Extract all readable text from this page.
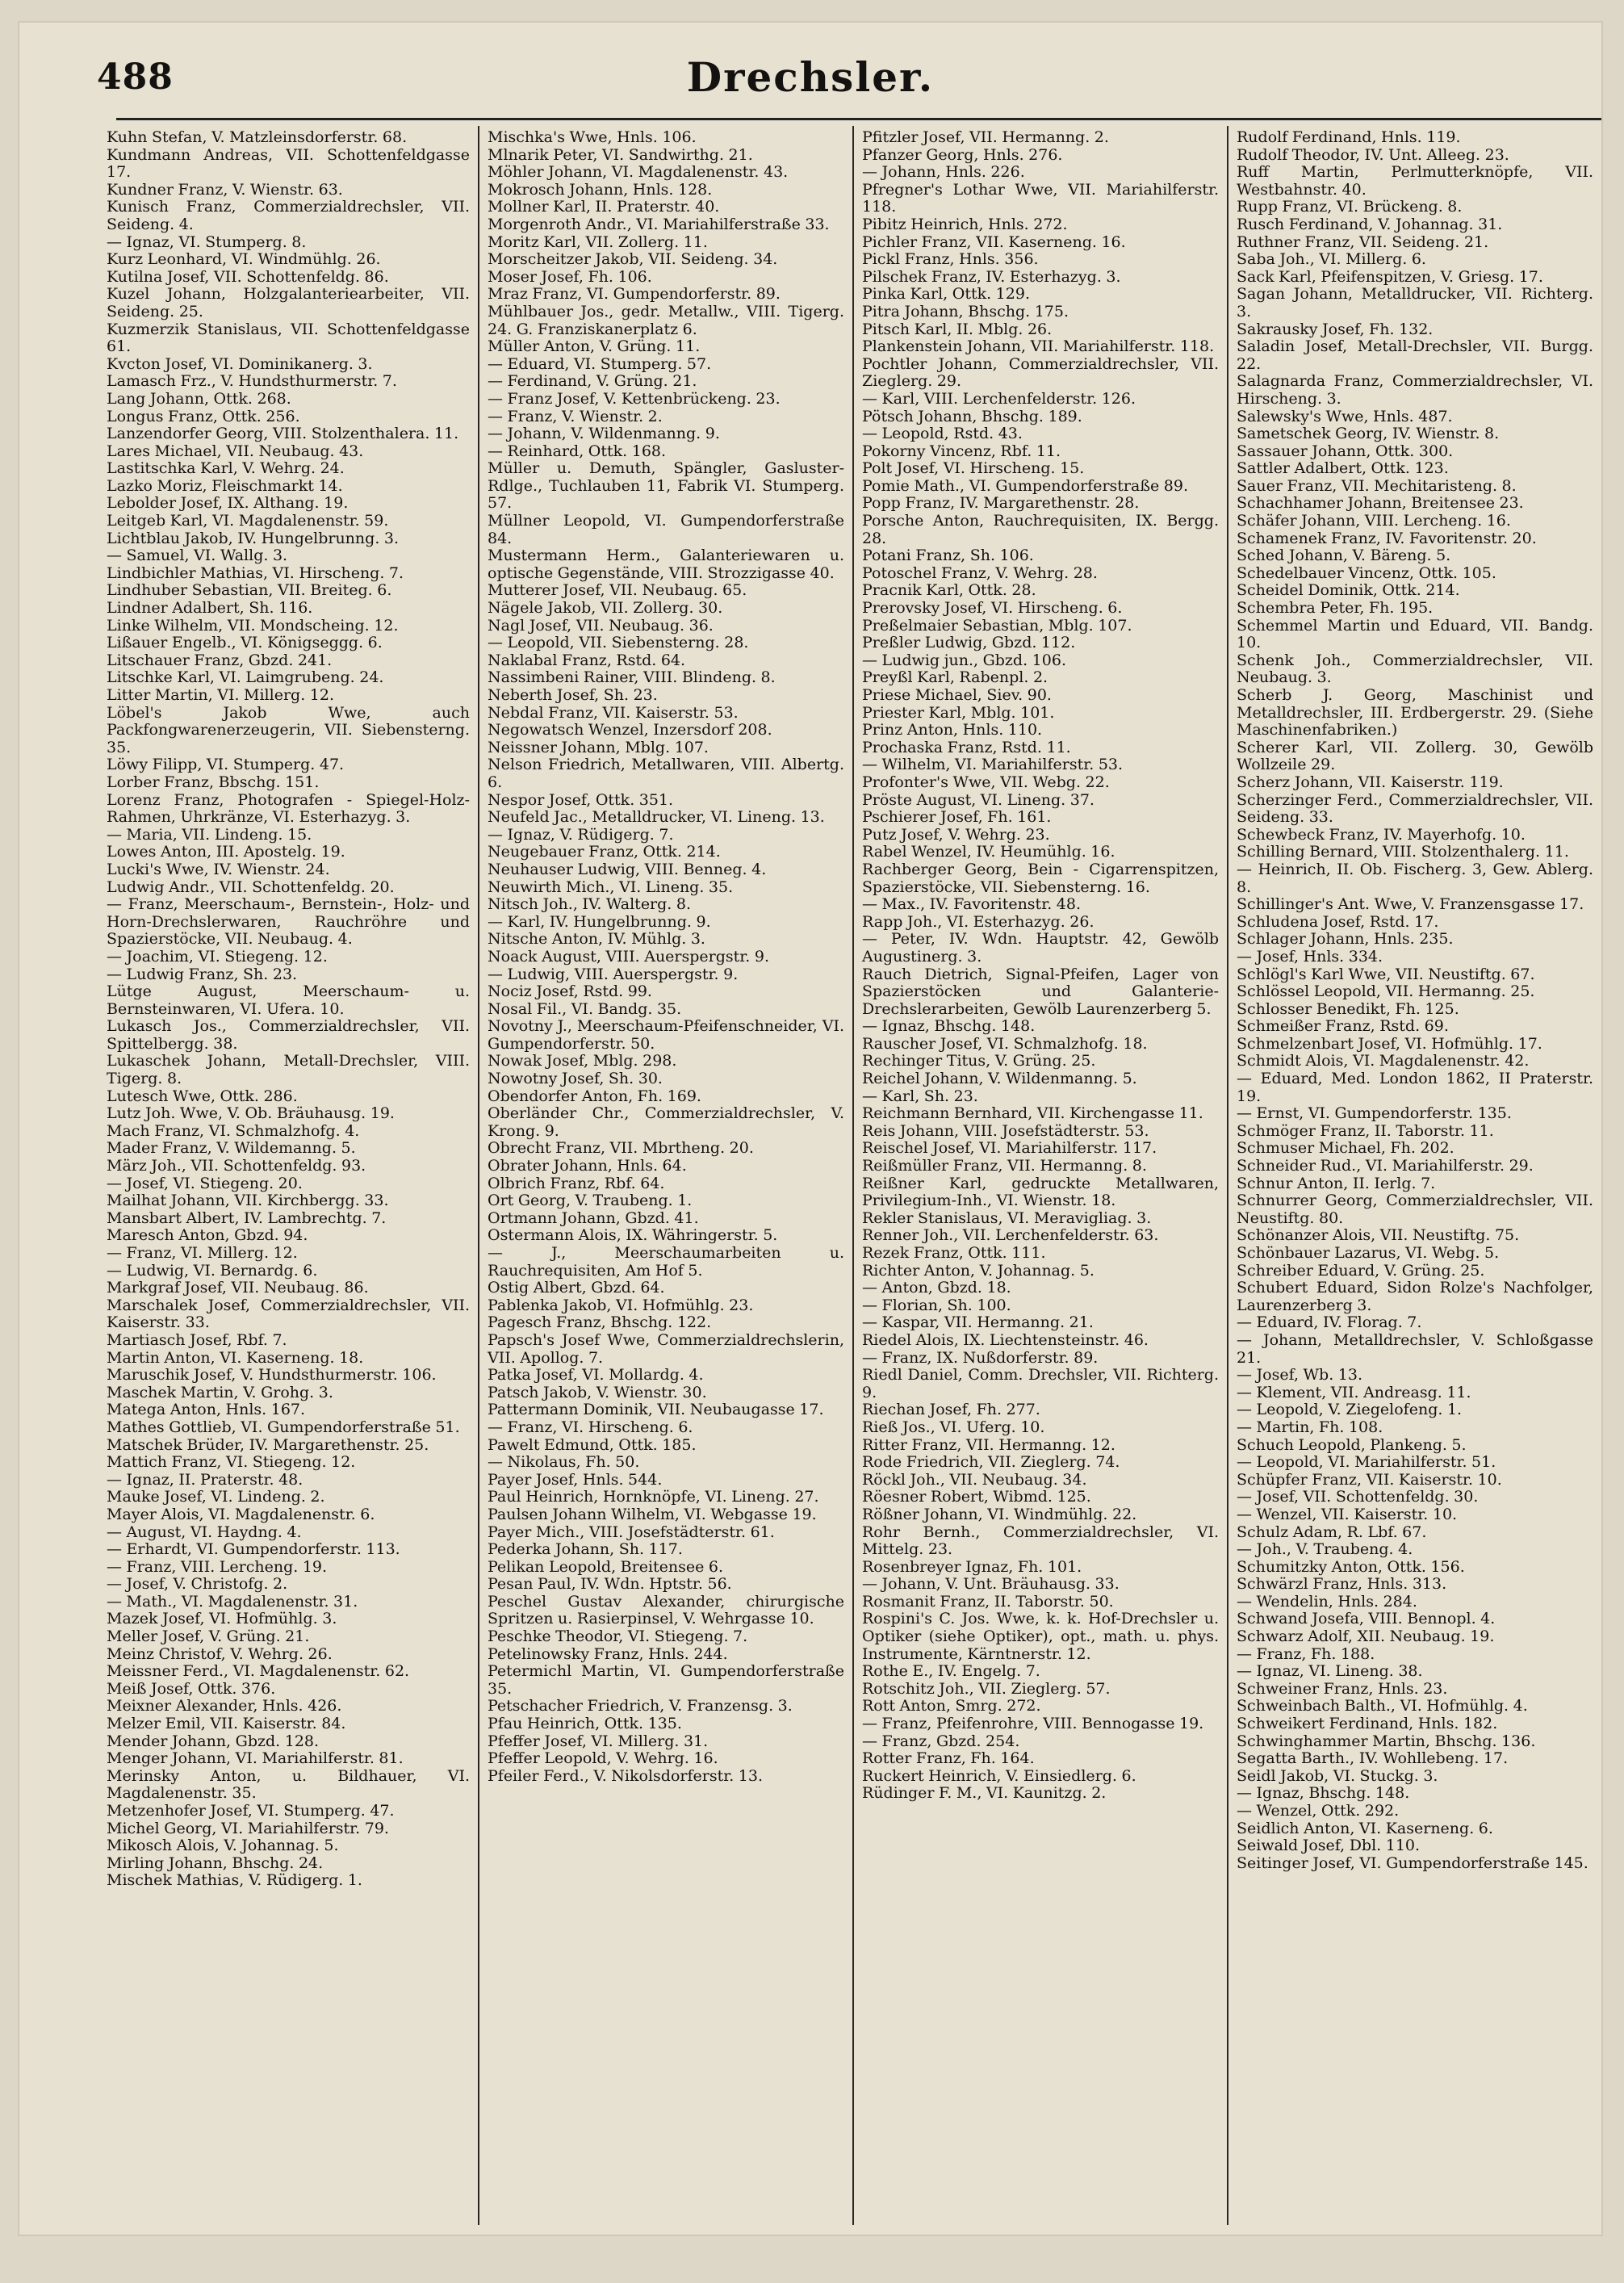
488	Drechsler.

Kuhn Stefan, V. Matzleinsdorferstr. 68.

Kundmann Andreas, VII. Schottenfeldgasse 17.

Kundner Franz, V. Wienstr. 63.

Kunisch Franz, Commerzialdrechsler, VII. Seideng. 4.

— Ignaz, VI. Stumperg. 8.

Kurz Leonhard, VI. Windmühlg. 26.

Kutilna Josef, VII. Schottenfeldg. 86.

Kuzel Johann, Holzgalanteriearbeiter, VII. Seideng. 25.

Kuzmerzik Stanislaus, VII. Schottenfeldgasse 61.

Kvcton Josef, VI. Dominikanerg. 3.

Lamasch Frz., V. Hundsthurmerstr. 7.

Lang Johann, Ottk. 268.

Longus Franz, Ottk. 256.

Lanzendorfer Georg, VIII. Stolzenthalera. 11.

Lares Michael, VII. Neubaug. 43.

Lastitschka Karl, V. Wehrg. 24.

Lazko Moriz, Fleischmarkt 14.

Lebolder Josef, IX. Althang. 19.

Leitgeb Karl, VI. Magdalenenstr. 59.

Lichtblau Jakob, IV. Hungelbrunng. 3.

— Samuel, VI. Wallg. 3.

Lindbichler Mathias, VI. Hirscheng. 7.

Lindhuber Sebastian, VII. Breiteg. 6.

Lindner Adalbert, Sh. 116.

Linke Wilhelm, VII. Mondscheing. 12.

Lißauer Engelb., VI. Königseggg. 6.

Litschauer Franz, Gbzd. 241.

Litschke Karl, VI. Laimgrubeng. 24.

Litter Martin, VI. Millerg. 12.

Löbel's Jakob Wwe, auch Packfongwarenerzeugerin, VII. Siebensterng. 35.

Löwy Filipp, VI. Stumperg. 47.

Lorber Franz, Bbschg. 151.

Lorenz Franz, Photografen - Spiegel-Holz-Rahmen, Uhrkränze, VI. Esterhazyg. 3.

— Maria, VII. Lindeng. 15.

Lowes Anton, III. Apostelg. 19.

Lucki's Wwe, IV. Wienstr. 24.

Ludwig Andr., VII. Schottenfeldg. 20.

— Franz, Meerschaum-, Bernstein-, Holz- und Horn-Drechslerwaren, Rauchröhre und Spazierstöcke, VII. Neubaug. 4.

— Joachim, VI. Stiegeng. 12.

— Ludwig Franz, Sh. 23.

Lütge August, Meerschaum- u. Bernsteinwaren, VI. Ufera. 10.

Lukasch Jos., Commerzialdrechsler, VII. Spittelbergg. 38.

Lukaschek Johann, Metall-Drechsler, VIII. Tigerg. 8.

Lutesch Wwe, Ottk. 286.

Lutz Joh. Wwe, V. Ob. Bräuhausg. 19.

Mach Franz, VI. Schmalzhofg. 4.

Mader Franz, V. Wildemanng. 5.

März Joh., VII. Schottenfeldg. 93.

— Josef, VI. Stiegeng. 20.

Mailhat Johann, VII. Kirchbergg. 33.

Mansbart Albert, IV. Lambrechtg. 7.

Maresch Anton, Gbzd. 94.

— Franz, VI. Millerg. 12.

— Ludwig, VI. Bernardg. 6.

Markgraf Josef, VII. Neubaug. 86.

Marschalek Josef, Commerzialdrechsler, VII. Kaiserstr. 33.

Martiasch Josef, Rbf. 7.

Martin Anton, VI. Kaserneng. 18.

Maruschik Josef, V. Hundsthurmerstr. 106.

Maschek Martin, V. Grohg. 3.

Matega Anton, Hnls. 167.

Mathes Gottlieb, VI. Gumpendorferstraße 51.

Matschek Brüder, IV. Margarethenstr. 25.

Mattich Franz, VI. Stiegeng. 12.

— Ignaz, II. Praterstr. 48.

Mauke Josef, VI. Lindeng. 2.

Mayer Alois, VI. Magdalenenstr. 6.

— August, VI. Haydng. 4.

— Erhardt, VI. Gumpendorferstr. 113.

— Franz, VIII. Lercheng. 19.

— Josef, V. Christofg. 2.

— Math., VI. Magdalenenstr. 31.

Mazek Josef, VI. Hofmühlg. 3.

Meller Josef, V. Grüng. 21.

Meinz Christof, V. Wehrg. 26.

Meissner Ferd., VI. Magdalenenstr. 62.

Meiß Josef, Ottk. 376.

Meixner Alexander, Hnls. 426.

Melzer Emil, VII. Kaiserstr. 84.

Mender Johann, Gbzd. 128.

Menger Johann, VI. Mariahilferstr. 81.

Merinsky Anton, u. Bildhauer, VI. Magdalenenstr. 35.

Metzenhofer Josef, VI. Stumperg. 47.

Michel Georg, VI. Mariahilferstr. 79.

Mikosch Alois, V. Johannag. 5.

Mirling Johann, Bhschg. 24.

Mischek Mathias, V. Rüdigerg. 1.

Mischka's Wwe, Hnls. 106.

Mlnarik Peter, VI. Sandwirthg. 21.

Möhler Johann, VI. Magdalenenstr. 43.

Mokrosch Johann, Hnls. 128.

Mollner Karl, II. Praterstr. 40.

Morgenroth Andr., VI. Mariahilferstraße 33.

Moritz Karl, VII. Zollerg. 11.

Morscheitzer Jakob, VII. Seideng. 34.

Moser Josef, Fh. 106.

Mraz Franz, VI. Gumpendorferstr. 89.

Mühlbauer Jos., gedr. Metallw., VIII. Tigerg. 24. G. Franziskanerplatz 6.

Müller Anton, V. Grüng. 11.

— Eduard, VI. Stumperg. 57.

— Ferdinand, V. Grüng. 21.

— Franz Josef, V. Kettenbrückeng. 23.

— Franz, V. Wienstr. 2.

— Johann, V. Wildenmanng. 9.

— Reinhard, Ottk. 168.

Müller u. Demuth, Spängler, Gasluster-Rdlge., Tuchlauben 11, Fabrik VI. Stumperg. 57.

Müllner Leopold, VI. Gumpendorferstraße 84.

Mustermann Herm., Galanteriewaren u. optische Gegenstände, VIII. Strozzigasse 40.

Mutterer Josef, VII. Neubaug. 65.

Nägele Jakob, VII. Zollerg. 30.

Nagl Josef, VII. Neubaug. 36.

— Leopold, VII. Siebensterng. 28.

Naklabal Franz, Rstd. 64.

Nassimbeni Rainer, VIII. Blindeng. 8.

Neberth Josef, Sh. 23.

Nebdal Franz, VII. Kaiserstr. 53.

Negowatsch Wenzel, Inzersdorf 208.

Neissner Johann, Mblg. 107.

Nelson Friedrich, Metallwaren, VIII. Albertg. 6.

Nespor Josef, Ottk. 351.

Neufeld Jac., Metalldrucker, VI. Lineng. 13.

— Ignaz, V. Rüdigerg. 7.

Neugebauer Franz, Ottk. 214.

Neuhauser Ludwig, VIII. Benneg. 4.

Neuwirth Mich., VI. Lineng. 35.

Nitsch Joh., IV. Walterg. 8.

— Karl, IV. Hungelbrunng. 9.

Nitsche Anton, IV. Mühlg. 3.

Noack August, VIII. Auerspergstr. 9.

— Ludwig, VIII. Auerspergstr. 9.

Nociz Josef, Rstd. 99.

Nosal Fil., VI. Bandg. 35.

Novotny J., Meerschaum-Pfeifenschneider, VI. Gumpendorferstr. 50.

Nowak Josef, Mblg. 298.

Nowotny Josef, Sh. 30.

Obendorfer Anton, Fh. 169.

Oberländer Chr., Commerzialdrechsler, V. Krong. 9.

Obrecht Franz, VII. Mbrtheng. 20.

Obrater Johann, Hnls. 64.

Olbrich Franz, Rbf. 64.

Ort Georg, V. Traubeng. 1.

Ortmann Johann, Gbzd. 41.

Ostermann Alois, IX. Währingerstr. 5.

— J., Meerschaumarbeiten u. Rauchrequisiten, Am Hof 5.

Ostig Albert, Gbzd. 64.

Pablenka Jakob, VI. Hofmühlg. 23.

Pagesch Franz, Bhschg. 122.

Papsch's Josef Wwe, Commerzialdrechslerin, VII. Apollog. 7.

Patka Josef, VI. Mollardg. 4.

Patsch Jakob, V. Wienstr. 30.

Pattermann Dominik, VII. Neubaugasse 17.

— Franz, VI. Hirscheng. 6.

Pawelt Edmund, Ottk. 185.

— Nikolaus, Fh. 50.

Payer Josef, Hnls. 544.

Paul Heinrich, Hornknöpfe, VI. Lineng. 27.

Paulsen Johann Wilhelm, VI. Webgasse 19.

Payer Mich., VIII. Josefstädterstr. 61.

Pederka Johann, Sh. 117.

Pelikan Leopold, Breitensee 6.

Pesan Paul, IV. Wdn. Hptstr. 56.

Peschel Gustav Alexander, chirurgische Spritzen u. Rasierpinsel, V. Wehrgasse 10.

Peschke Theodor, VI. Stiegeng. 7.

Petelinowsky Franz, Hnls. 244.

Petermichl Martin, VI. Gumpendorferstraße 35.

Petschacher Friedrich, V. Franzensg. 3.

Pfau Heinrich, Ottk. 135.

Pfeffer Josef, VI. Millerg. 31.

Pfeffer Leopold, V. Wehrg. 16.

Pfeiler Ferd., V. Nikolsdorferstr. 13.

Pfitzler Josef, VII. Hermanng. 2.

Pfanzer Georg, Hnls. 276.

— Johann, Hnls. 226.

Pfregner's Lothar Wwe, VII. Mariahilferstr. 118.

Pibitz Heinrich, Hnls. 272.

Pichler Franz, VII. Kaserneng. 16.

Pickl Franz, Hnls. 356.

Pilschek Franz, IV. Esterhazyg. 3.

Pinka Karl, Ottk. 129.

Pitra Johann, Bhschg. 175.

Pitsch Karl, II. Mblg. 26.

Plankenstein Johann, VII. Mariahilferstr. 118.

Pochtler Johann, Commerzialdrechsler, VII. Zieglerg. 29.

— Karl, VIII. Lerchenfelderstr. 126.

Pötsch Johann, Bhschg. 189.

— Leopold, Rstd. 43.

Pokorny Vincenz, Rbf. 11.

Polt Josef, VI. Hirscheng. 15.

Pomie Math., VI. Gumpendorferstraße 89.

Popp Franz, IV. Margarethenstr. 28.

Porsche Anton, Rauchrequisiten, IX. Bergg. 28.

Potani Franz, Sh. 106.

Potoschel Franz, V. Wehrg. 28.

Pracnik Karl, Ottk. 28.

Prerovsky Josef, VI. Hirscheng. 6.

Preßelmaier Sebastian, Mblg. 107.

Preßler Ludwig, Gbzd. 112.

— Ludwig jun., Gbzd. 106.

Preyßl Karl, Rabenpl. 2.

Priese Michael, Siev. 90.

Priester Karl, Mblg. 101.

Prinz Anton, Hnls. 110.

Prochaska Franz, Rstd. 11.

— Wilhelm, VI. Mariahilferstr. 53.

Profonter's Wwe, VII. Webg. 22.

Pröste August, VI. Lineng. 37.

Pschierer Josef, Fh. 161.

Putz Josef, V. Wehrg. 23.

Rabel Wenzel, IV. Heumühlg. 16.

Rachberger Georg, Bein - Cigarrenspitzen, Spazierstöcke, VII. Siebensterng. 16.

— Max., IV. Favoritenstr. 48.

Rapp Joh., VI. Esterhazyg. 26.

— Peter, IV. Wdn. Hauptstr. 42, Gewölb Augustinerg. 3.

Rauch Dietrich, Signal-Pfeifen, Lager von Spazierstöcken und Galanterie-Drechslerarbeiten, Gewölb Laurenzerberg 5.

— Ignaz, Bhschg. 148.

Rauscher Josef, VI. Schmalzhofg. 18.

Rechinger Titus, V. Grüng. 25.

Reichel Johann, V. Wildenmanng. 5.

— Karl, Sh. 23.

Reichmann Bernhard, VII. Kirchengasse 11.

Reis Johann, VIII. Josefstädterstr. 53.

Reischel Josef, VI. Mariahilferstr. 117.

Reißmüller Franz, VII. Hermanng. 8.

Reißner Karl, gedruckte Metallwaren, Privilegium-Inh., VI. Wienstr. 18.

Rekler Stanislaus, VI. Meravigliag. 3.

Renner Joh., VII. Lerchenfelderstr. 63.

Rezek Franz, Ottk. 111.

Richter Anton, V. Johannag. 5.

— Anton, Gbzd. 18.

— Florian, Sh. 100.

— Kaspar, VII. Hermanng. 21.

Riedel Alois, IX. Liechtensteinstr. 46.

— Franz, IX. Nußdorferstr. 89.

Riedl Daniel, Comm. Drechsler, VII. Richterg. 9.

Riechan Josef, Fh. 277.

Rieß Jos., VI. Uferg. 10.

Ritter Franz, VII. Hermanng. 12.

Rode Friedrich, VII. Zieglerg. 74.

Röckl Joh., VII. Neubaug. 34.

Röesner Robert, Wibmd. 125.

Rößner Johann, VI. Windmühlg. 22.

Rohr Bernh., Commerzialdrechsler, VI. Mittelg. 23.

Rosenbreyer Ignaz, Fh. 101.

— Johann, V. Unt. Bräuhausg. 33.

Rosmanit Franz, II. Taborstr. 50.

Rospini's C. Jos. Wwe, k. k. Hof-Drechsler u. Optiker (siehe Optiker), opt., math. u. phys. Instrumente, Kärntnerstr. 12.

Rothe E., IV. Engelg. 7.

Rotschitz Joh., VII. Zieglerg. 57.

Rott Anton, Smrg. 272.

— Franz, Pfeifenrohre, VIII. Bennogasse 19.

— Franz, Gbzd. 254.

Rotter Franz, Fh. 164.

Ruckert Heinrich, V. Einsiedlerg. 6.

Rüdinger F. M., VI. Kaunitzg. 2.

Rudolf Ferdinand, Hnls. 119.

Rudolf Theodor, IV. Unt. Alleeg. 23.

Ruff Martin, Perlmutterknöpfe, VII. Westbahnstr. 40.

Rupp Franz, VI. Brückeng. 8.

Rusch Ferdinand, V. Johannag. 31.

Ruthner Franz, VII. Seideng. 21.

Saba Joh., VI. Millerg. 6.

Sack Karl, Pfeifenspitzen, V. Griesg. 17.

Sagan Johann, Metalldrucker, VII. Richterg. 3.

Sakrausky Josef, Fh. 132.

Saladin Josef, Metall-Drechsler, VII. Burgg. 22.

Salagnarda Franz, Commerzialdrechsler, VI. Hirscheng. 3.

Salewsky's Wwe, Hnls. 487.

Sametschek Georg, IV. Wienstr. 8.

Sassauer Johann, Ottk. 300.

Sattler Adalbert, Ottk. 123.

Sauer Franz, VII. Mechitaristeng. 8.

Schachhamer Johann, Breitensee 23.

Schäfer Johann, VIII. Lercheng. 16.

Schamenek Franz, IV. Favoritenstr. 20.

Sched Johann, V. Bäreng. 5.

Schedelbauer Vincenz, Ottk. 105.

Scheidel Dominik, Ottk. 214.

Schembra Peter, Fh. 195.

Schemmel Martin und Eduard, VII. Bandg. 10.

Schenk Joh., Commerzialdrechsler, VII. Neubaug. 3.

Scherb J. Georg, Maschinist und Metalldrechsler, III. Erdbergerstr. 29. (Siehe Maschinenfabriken.)

Scherer Karl, VII. Zollerg. 30, Gewölb Wollzeile 29.

Scherz Johann, VII. Kaiserstr. 119.

Scherzinger Ferd., Commerzialdrechsler, VII. Seideng. 33.

Schewbeck Franz, IV. Mayerhofg. 10.

Schilling Bernard, VIII. Stolzenthalerg. 11.

— Heinrich, II. Ob. Fischerg. 3, Gew. Ablerg. 8.

Schillinger's Ant. Wwe, V. Franzensgasse 17.

Schludena Josef, Rstd. 17.

Schlager Johann, Hnls. 235.

— Josef, Hnls. 334.

Schlögl's Karl Wwe, VII. Neustiftg. 67.

Schlössel Leopold, VII. Hermanng. 25.

Schlosser Benedikt, Fh. 125.

Schmeißer Franz, Rstd. 69.

Schmelzenbart Josef, VI. Hofmühlg. 17.

Schmidt Alois, VI. Magdalenenstr. 42.

— Eduard, Med. London 1862, II Praterstr. 19.

— Ernst, VI. Gumpendorferstr. 135.

Schmöger Franz, II. Taborstr. 11.

Schmuser Michael, Fh. 202.

Schneider Rud., VI. Mariahilferstr. 29.

Schnur Anton, II. Ierlg. 7.

Schnurrer Georg, Commerzialdrechsler, VII. Neustiftg. 80.

Schönanzer Alois, VII. Neustiftg. 75.

Schönbauer Lazarus, VI. Webg. 5.

Schreiber Eduard, V. Grüng. 25.

Schubert Eduard, Sidon Rolze's Nachfolger, Laurenzerberg 3.

— Eduard, IV. Florag. 7.

— Johann, Metalldrechsler, V. Schloßgasse 21.

— Josef, Wb. 13.

— Klement, VII. Andreasg. 11.

— Leopold, V. Ziegelofeng. 1.

— Martin, Fh. 108.

Schuch Leopold, Plankeng. 5.

— Leopold, VI. Mariahilferstr. 51.

Schüpfer Franz, VII. Kaiserstr. 10.

— Josef, VII. Schottenfeldg. 30.

— Wenzel, VII. Kaiserstr. 10.

Schulz Adam, R. Lbf. 67.

— Joh., V. Traubeng. 4.

Schumitzky Anton, Ottk. 156.

Schwärzl Franz, Hnls. 313.

— Wendelin, Hnls. 284.

Schwand Josefa, VIII. Bennopl. 4.

Schwarz Adolf, XII. Neubaug. 19.

— Franz, Fh. 188.

— Ignaz, VI. Lineng. 38.

Schweiner Franz, Hnls. 23.

Schweinbach Balth., VI. Hofmühlg. 4.

Schweikert Ferdinand, Hnls. 182.

Schwinghammer Martin, Bhschg. 136.

Segatta Barth., IV. Wohllebeng. 17.

Seidl Jakob, VI. Stuckg. 3.

— Ignaz, Bhschg. 148.

— Wenzel, Ottk. 292.

Seidlich Anton, VI. Kaserneng. 6.

Seiwald Josef, Dbl. 110.

Seitinger Josef, VI. Gumpendorferstraße 145.
